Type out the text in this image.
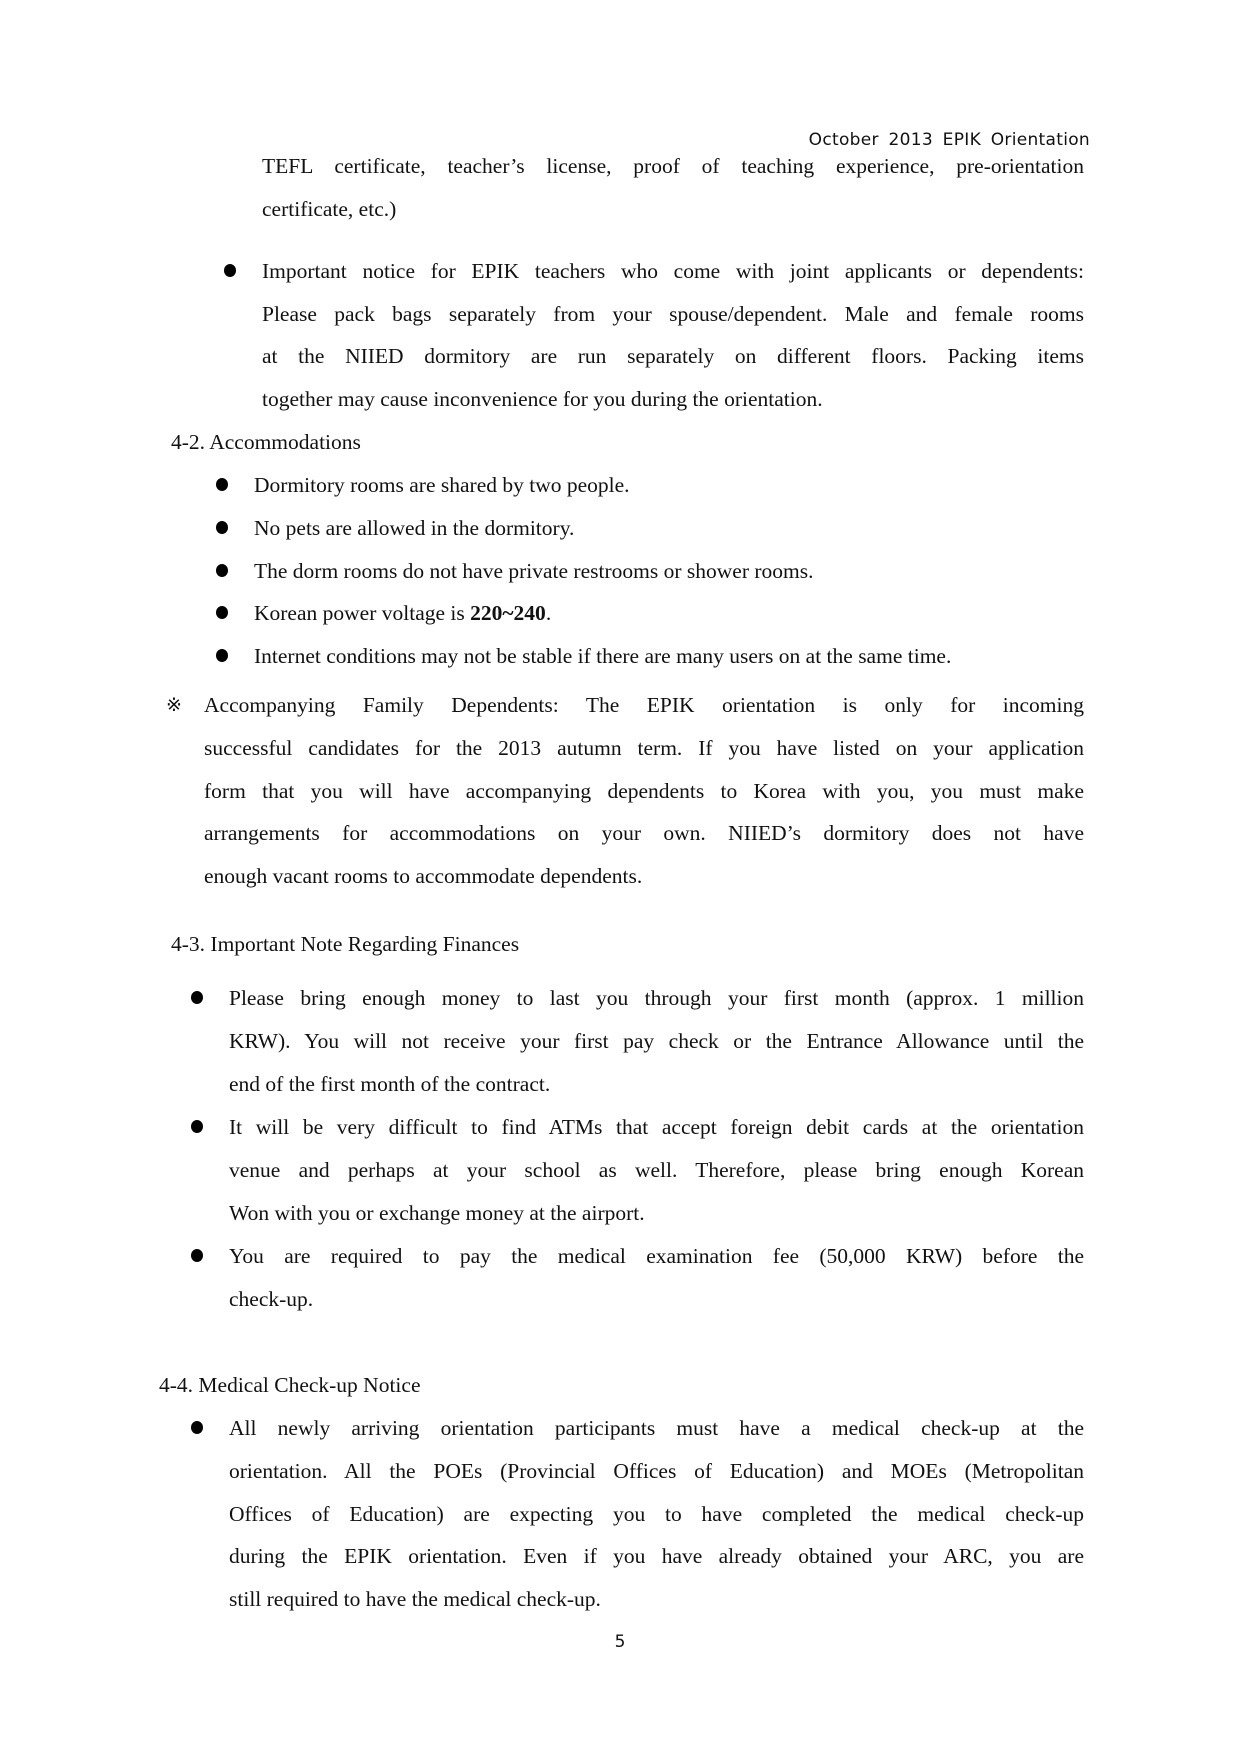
October 2013 EPIK Orientation
TEFL certificate, teacher’s license, proof of teaching experience, pre-orientation
certificate, etc.)
Important notice for EPIK teachers who come with joint applicants or dependents:
Please pack bags separately from your spouse/dependent. Male and female rooms
at the NIIED dormitory are run separately on different floors. Packing items
together may cause inconvenience for you during the orientation.
4-2. Accommodations
Dormitory rooms are shared by two people.
No pets are allowed in the dormitory.
The dorm rooms do not have private restrooms or shower rooms.
Korean power voltage is 220~240.
Internet conditions may not be stable if there are many users on at the same time.
※ Accompanying Family Dependents: The EPIK orientation is only for incoming
successful candidates for the 2013 autumn term. If you have listed on your application
form that you will have accompanying dependents to Korea with you, you must make
arrangements for accommodations on your own. NIIED’s dormitory does not have
enough vacant rooms to accommodate dependents.
4-3. Important Note Regarding Finances
Please bring enough money to last you through your first month (approx. 1 million
KRW). You will not receive your first pay check or the Entrance Allowance until the
end of the first month of the contract.
It will be very difficult to find ATMs that accept foreign debit cards at the orientation
venue and perhaps at your school as well. Therefore, please bring enough Korean
Won with you or exchange money at the airport.
You are required to pay the medical examination fee (50,000 KRW) before the
check-up.
4-4. Medical Check-up Notice
All newly arriving orientation participants must have a medical check-up at the
orientation. All the POEs (Provincial Offices of Education) and MOEs (Metropolitan
Offices of Education) are expecting you to have completed the medical check-up
during the EPIK orientation. Even if you have already obtained your ARC, you are
still required to have the medical check-up.
5
